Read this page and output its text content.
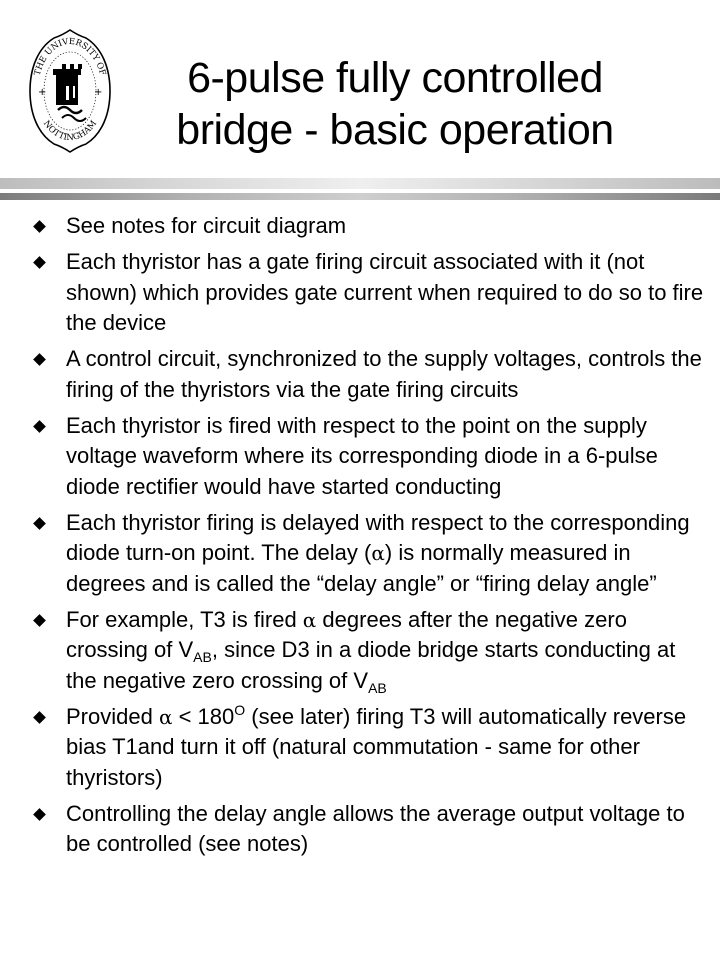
THE UNIVERSITY OF
NOTTINGHAM
+	+	6-pulse fully controlled
bridge - basic operation
See notes for circuit diagram
Each thyristor has a gate firing circuit associated with it (not shown) which provides gate current when required to do so to fire the device
A control circuit, synchronized to the supply voltages, controls the firing of the thyristors via the gate firing circuits
Each thyristor is fired with respect to the point on the supply voltage waveform where its corresponding diode in a 6-pulse diode rectifier would have started conducting
Each thyristor firing is delayed with respect to the corresponding diode turn-on point. The delay (α) is normally measured in degrees and is called the “delay angle” or “firing delay angle”
For example, T3 is fired α degrees after the negative zero crossing of $V_{AB}$, since D3 in a diode bridge starts conducting at the negative zero crossing of $V_{AB}$
Provided $\alpha < 180^O$ (see later) firing T3 will automatically reverse bias T1and turn it off (natural commutation - same for other thyristors)
Controlling the delay angle allows the average output voltage to be controlled (see notes)
